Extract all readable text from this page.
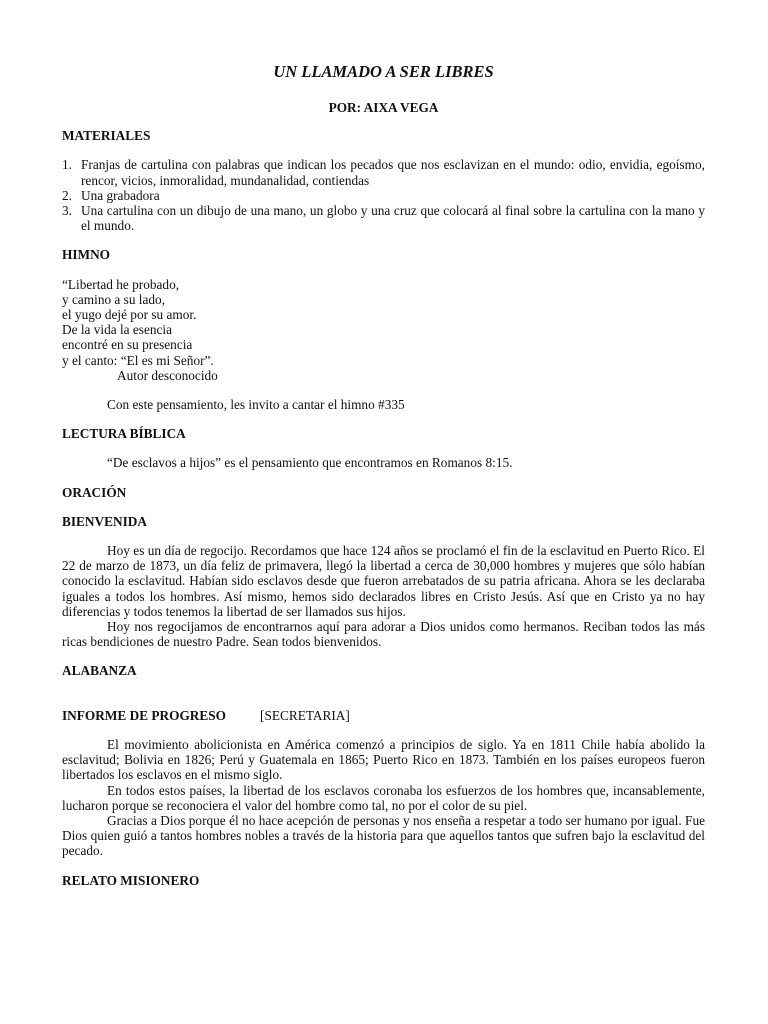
UN LLAMADO A SER LIBRES
POR: AIXA VEGA
MATERIALES
1. Franjas de cartulina con palabras que indican los pecados que nos esclavizan en el mundo: odio, envidia, egoísmo, rencor, vicios, inmoralidad, mundanalidad, contiendas
2. Una grabadora
3. Una cartulina con un dibujo de una mano, un globo y una cruz que colocará al final sobre la cartulina con la mano y el mundo.
HIMNO
“Libertad he probado,
y camino a su lado,
el yugo dejé por su amor.
De la vida la esencia
encontré en su presencia
y el canto: “El es mi Señor”.
Autor desconocido

Con este pensamiento, les invito a cantar el himno #335

LECTURA BÍBLICA

“De esclavos a hijos” es el pensamiento que encontramos en Romanos 8:15.

ORACIÓN
BIENVENIDA

Hoy es un día de regocijo. Recordamos que hace 124 años se proclamó el fin de la esclavitud en Puerto Rico. El 22 de marzo de 1873, un día feliz de primavera, llegó la libertad a cerca de 30,000 hombres y mujeres que sólo habían conocido la esclavitud. Habían sido esclavos desde que fueron arrebatados de su patria africana. Ahora se les declaraba iguales a todos los hombres. Así mismo, hemos sido declarados libres en Cristo Jesús. Así que en Cristo ya no hay diferencias y todos tenemos la libertad de ser llamados sus hijos.

Hoy nos regocijamos de encontrarnos aquí para adorar a Dios unidos como hermanos. Reciban todos las más ricas bendiciones de nuestro Padre. Sean todos bienvenidos.

ALABANZA
INFORME DE PROGRESO	[SECRETARIA]

El movimiento abolicionista en América comenzó a principios de siglo. Ya en 1811 Chile había abolido la esclavitud; Bolivia en 1826; Perú y Guatemala en 1865; Puerto Rico en 1873. También en los países europeos fueron libertados los esclavos en el mismo siglo.

En todos estos países, la libertad de los esclavos coronaba los esfuerzos de los hombres que, incansablemente, lucharon porque se reconociera el valor del hombre como tal, no por el color de su piel.

Gracias a Dios porque él no hace acepción de personas y nos enseña a respetar a todo ser humano por igual. Fue Dios quien guió a tantos hombres nobles a través de la historia para que aquellos tantos que sufren bajo la esclavitud del pecado.

RELATO MISIONERO
